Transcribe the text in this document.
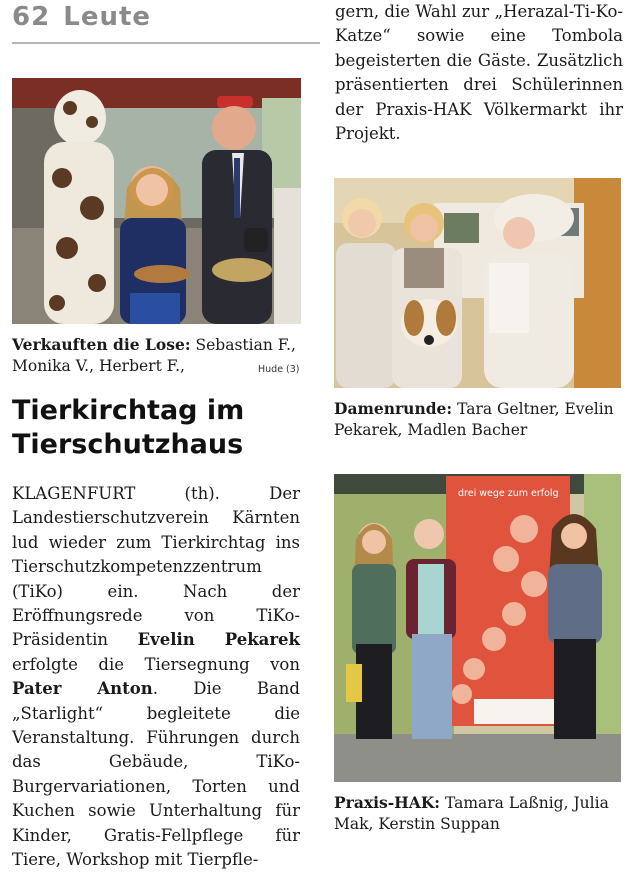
62 Leute
Verkauften die Lose: Sebastian F., Monika V., Herbert F.,	Hude (3)
Tierkirchtag im Tierschutzhaus
KLAGENFURT (th). Der Landestierschutzverein Kärnten lud wieder zum Tierkirchtag ins Tierschutzkompetenzzentrum (TiKo) ein. Nach der Eröffnungsrede von TiKo-Präsidentin Evelin Pekarek erfolgte die Tiersegnung von Pater Anton. Die Band „Starlight“ begleitete die Veranstaltung. Führungen durch das Gebäude, TiKo-Burgervariationen, Torten und Kuchen sowie Unterhaltung für Kinder, Gratis-Fellpflege für Tiere, Workshop mit Tierpfle-
gern, die Wahl zur „Herazal-Ti-Ko-Katze“ sowie eine Tombola begeisterten die Gäste. Zusätzlich präsentierten drei Schülerinnen der Praxis-HAK Völkermarkt ihr Projekt.
Damenrunde: Tara Geltner, Evelin Pekarek, Madlen Bacher
drei wege zum erfolg
Praxis-HAK: Tamara Laßnig, Julia Mak, Kerstin Suppan
